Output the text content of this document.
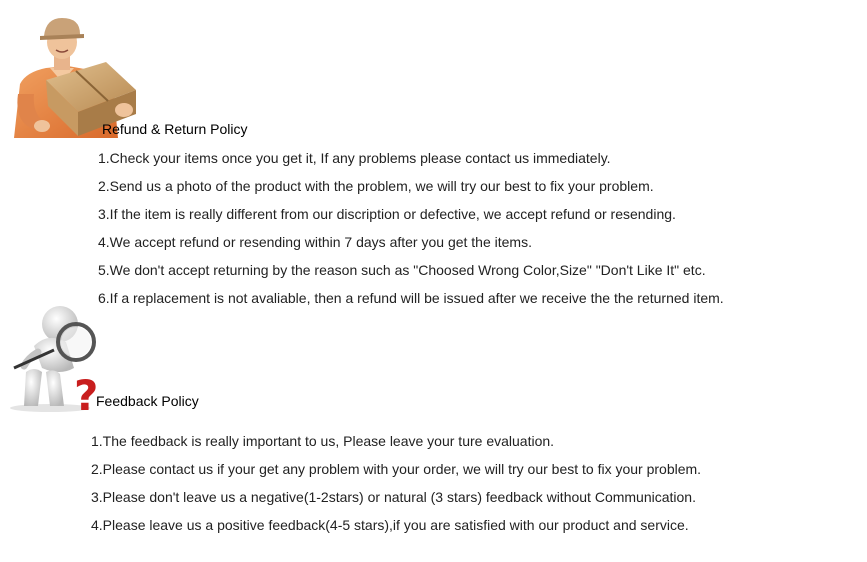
Refund & Return Policy
1.Check your items once you get it, If any problems please contact us immediately.
2.Send us a photo of the product with the problem, we will try our best to fix your problem.
3.If the item is really different from our discription or defective, we accept refund or resending.
4.We accept refund or resending within 7 days after you get the items.
5.We don't accept returning by the reason such as "Choosed Wrong Color,Size" "Don't Like It" etc.
6.If a replacement is not avaliable, then a refund will be issued after we receive the the returned item.
?
Feedback Policy
1.The feedback is really important to us, Please leave your ture evaluation.
2.Please contact us if your get any problem with your order, we will try our best to fix your problem.
3.Please don't leave us a negative(1-2stars) or natural (3 stars) feedback without Communication.
4.Please leave us a positive feedback(4-5 stars),if you are satisfied with our product and service.
